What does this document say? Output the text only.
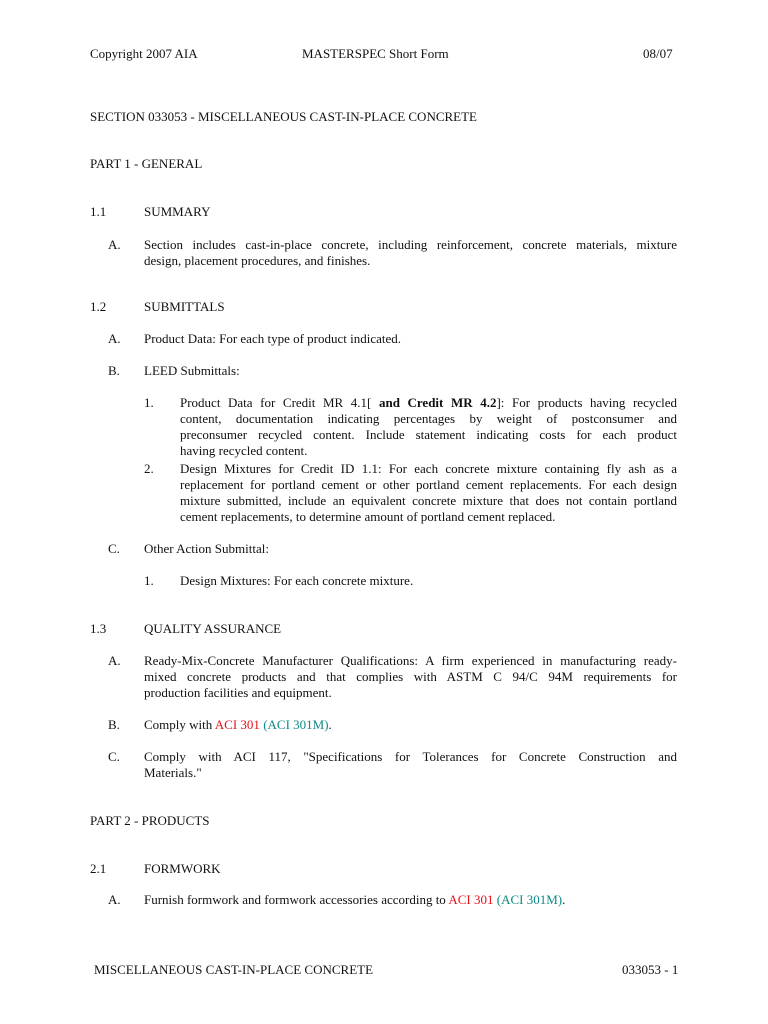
Copyright 2007 AIA	MASTERSPEC Short Form	08/07
SECTION 033053 - MISCELLANEOUS CAST-IN-PLACE CONCRETE
PART 1 - GENERAL
1.1	SUMMARY
A. Section includes cast-in-place concrete, including reinforcement, concrete materials, mixture
design, placement procedures, and finishes.
1.2	SUBMITTALS
A. Product Data: For each type of product indicated.
B. LEED Submittals:
1. Product Data for Credit MR 4.1[ and Credit MR 4.2]: For products having recycled
content, documentation indicating percentages by weight of postconsumer and
preconsumer recycled content. Include statement indicating costs for each product
having recycled content.
2. Design Mixtures for Credit ID 1.1: For each concrete mixture containing fly ash as a
replacement for portland cement or other portland cement replacements. For each design
mixture submitted, include an equivalent concrete mixture that does not contain portland
cement replacements, to determine amount of portland cement replaced.
C. Other Action Submittal:
1. Design Mixtures: For each concrete mixture.
1.3	QUALITY ASSURANCE
A. Ready-Mix-Concrete Manufacturer Qualifications: A firm experienced in manufacturing ready-
mixed concrete products and that complies with ASTM C 94/C 94M requirements for
production facilities and equipment.
B. Comply with ACI 301 (ACI 301M).
C. Comply with ACI 117, "Specifications for Tolerances for Concrete Construction and
Materials."
PART 2 - PRODUCTS
2.1	FORMWORK
A. Furnish formwork and formwork accessories according to ACI 301 (ACI 301M).
MISCELLANEOUS CAST-IN-PLACE CONCRETE	033053 - 1
